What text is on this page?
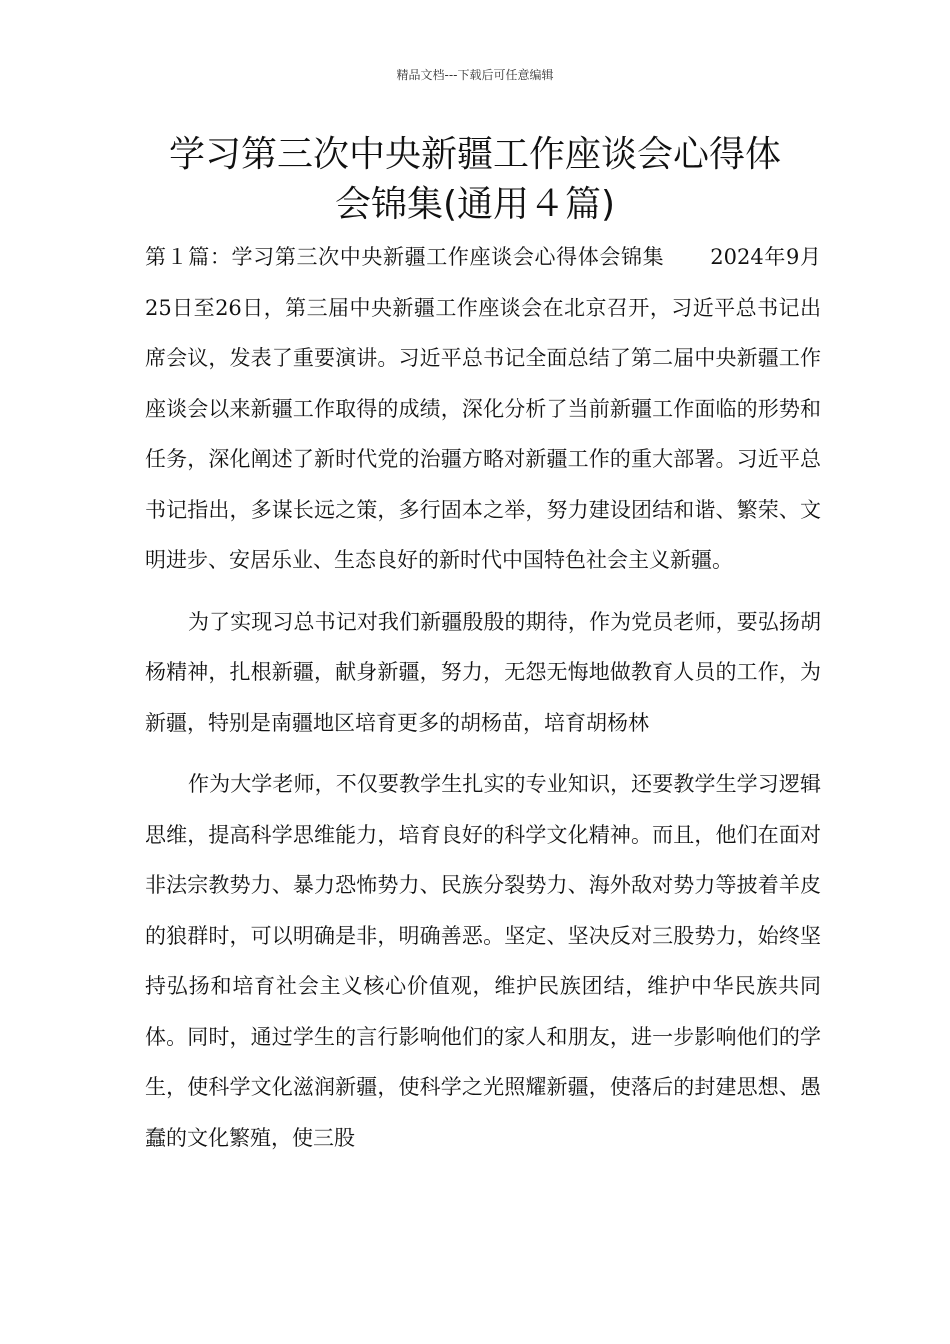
精品文档---下载后可任意编辑
学习第三次中央新疆工作座谈会心得体
会锦集(通用４篇)

第１篇：学习第三次中央新疆工作座谈会心得体会锦集 2024年9月25日至26日，第三届中央新疆工作座谈会在北京召开，习近平总书记出席会议，发表了重要演讲。习近平总书记全面总结了第二届中央新疆工作座谈会以来新疆工作取得的成绩，深化分析了当前新疆工作面临的形势和任务，深化阐述了新时代党的治疆方略对新疆工作的重大部署。习近平总书记指出，多谋长远之策，多行固本之举，努力建设团结和谐、繁荣、文明进步、安居乐业、生态良好的新时代中国特色社会主义新疆。

为了实现习总书记对我们新疆殷殷的期待，作为党员老师，要弘扬胡杨精神，扎根新疆，献身新疆，努力，无怨无悔地做教育人员的工作，为新疆，特别是南疆地区培育更多的胡杨苗，培育胡杨林

作为大学老师，不仅要教学生扎实的专业知识，还要教学生学习逻辑思维，提高科学思维能力，培育良好的科学文化精神。而且，他们在面对非法宗教势力、暴力恐怖势力、民族分裂势力、海外敌对势力等披着羊皮的狼群时，可以明确是非，明确善恶。坚定、坚决反对三股势力，始终坚持弘扬和培育社会主义核心价值观，维护民族团结，维护中华民族共同体。同时，通过学生的言行影响他们的家人和朋友，进一步影响他们的学生，使科学文化滋润新疆，使科学之光照耀新疆，使落后的封建思想、愚蠢的文化繁殖，使三股
